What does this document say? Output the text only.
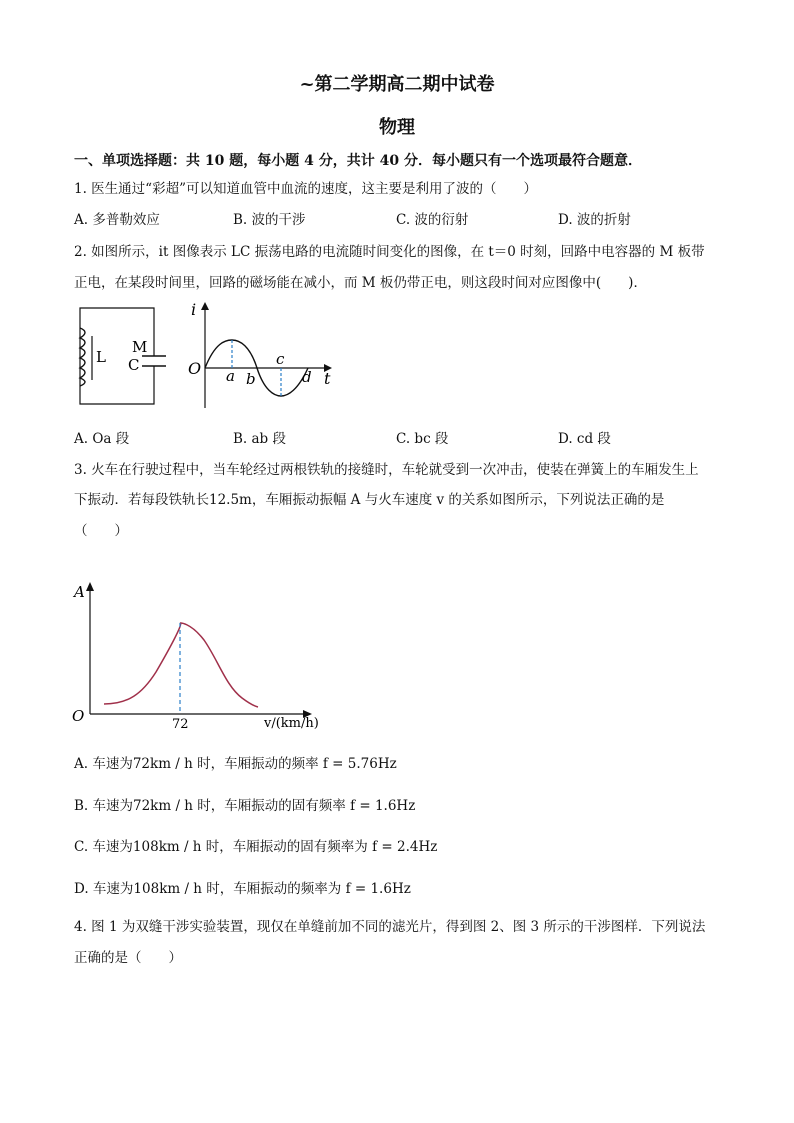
~第二学期高二期中试卷
物理
一、单项选择题：共 10 题，每小题 4 分，共计 40 分．每小题只有一个选项最符合题意．
1. 医生通过“彩超”可以知道血管中血流的速度，这主要是利用了波的（　　）
A. 多普勒效应	B. 波的干涉	C. 波的衍射	D. 波的折射
2. 如图所示，it 图像表示 LC 振荡电路的电流随时间变化的图像，在 t＝0 时刻，回路中电容器的 M 板带
正电，在某段时间里，回路的磁场能在减小，而 M 板仍带正电，则这段时间对应图像中(　　)．
L
M
C
i
O
t
a b
c
d
A. Oa 段	B. ab 段	C. bc 段	D. cd 段
3. 火车在行驶过程中，当车轮经过两根铁轨的接缝时，车轮就受到一次冲击，使装在弹簧上的车厢发生上
下振动．若每段铁轨长12.5m，车厢振动振幅 A 与火车速度 v 的关系如图所示，下列说法正确的是
（　　）
A
O	72	v/(km/h)
A. 车速为72km / h 时，车厢振动的频率 f = 5.76Hz
B. 车速为72km / h 时，车厢振动的固有频率 f = 1.6Hz
C. 车速为108km / h 时，车厢振动的固有频率为 f = 2.4Hz
D. 车速为108km / h 时，车厢振动的频率为 f = 1.6Hz
4. 图 1 为双缝干涉实验装置，现仅在单缝前加不同的滤光片，得到图 2、图 3 所示的干涉图样．下列说法
正确的是（　　）
